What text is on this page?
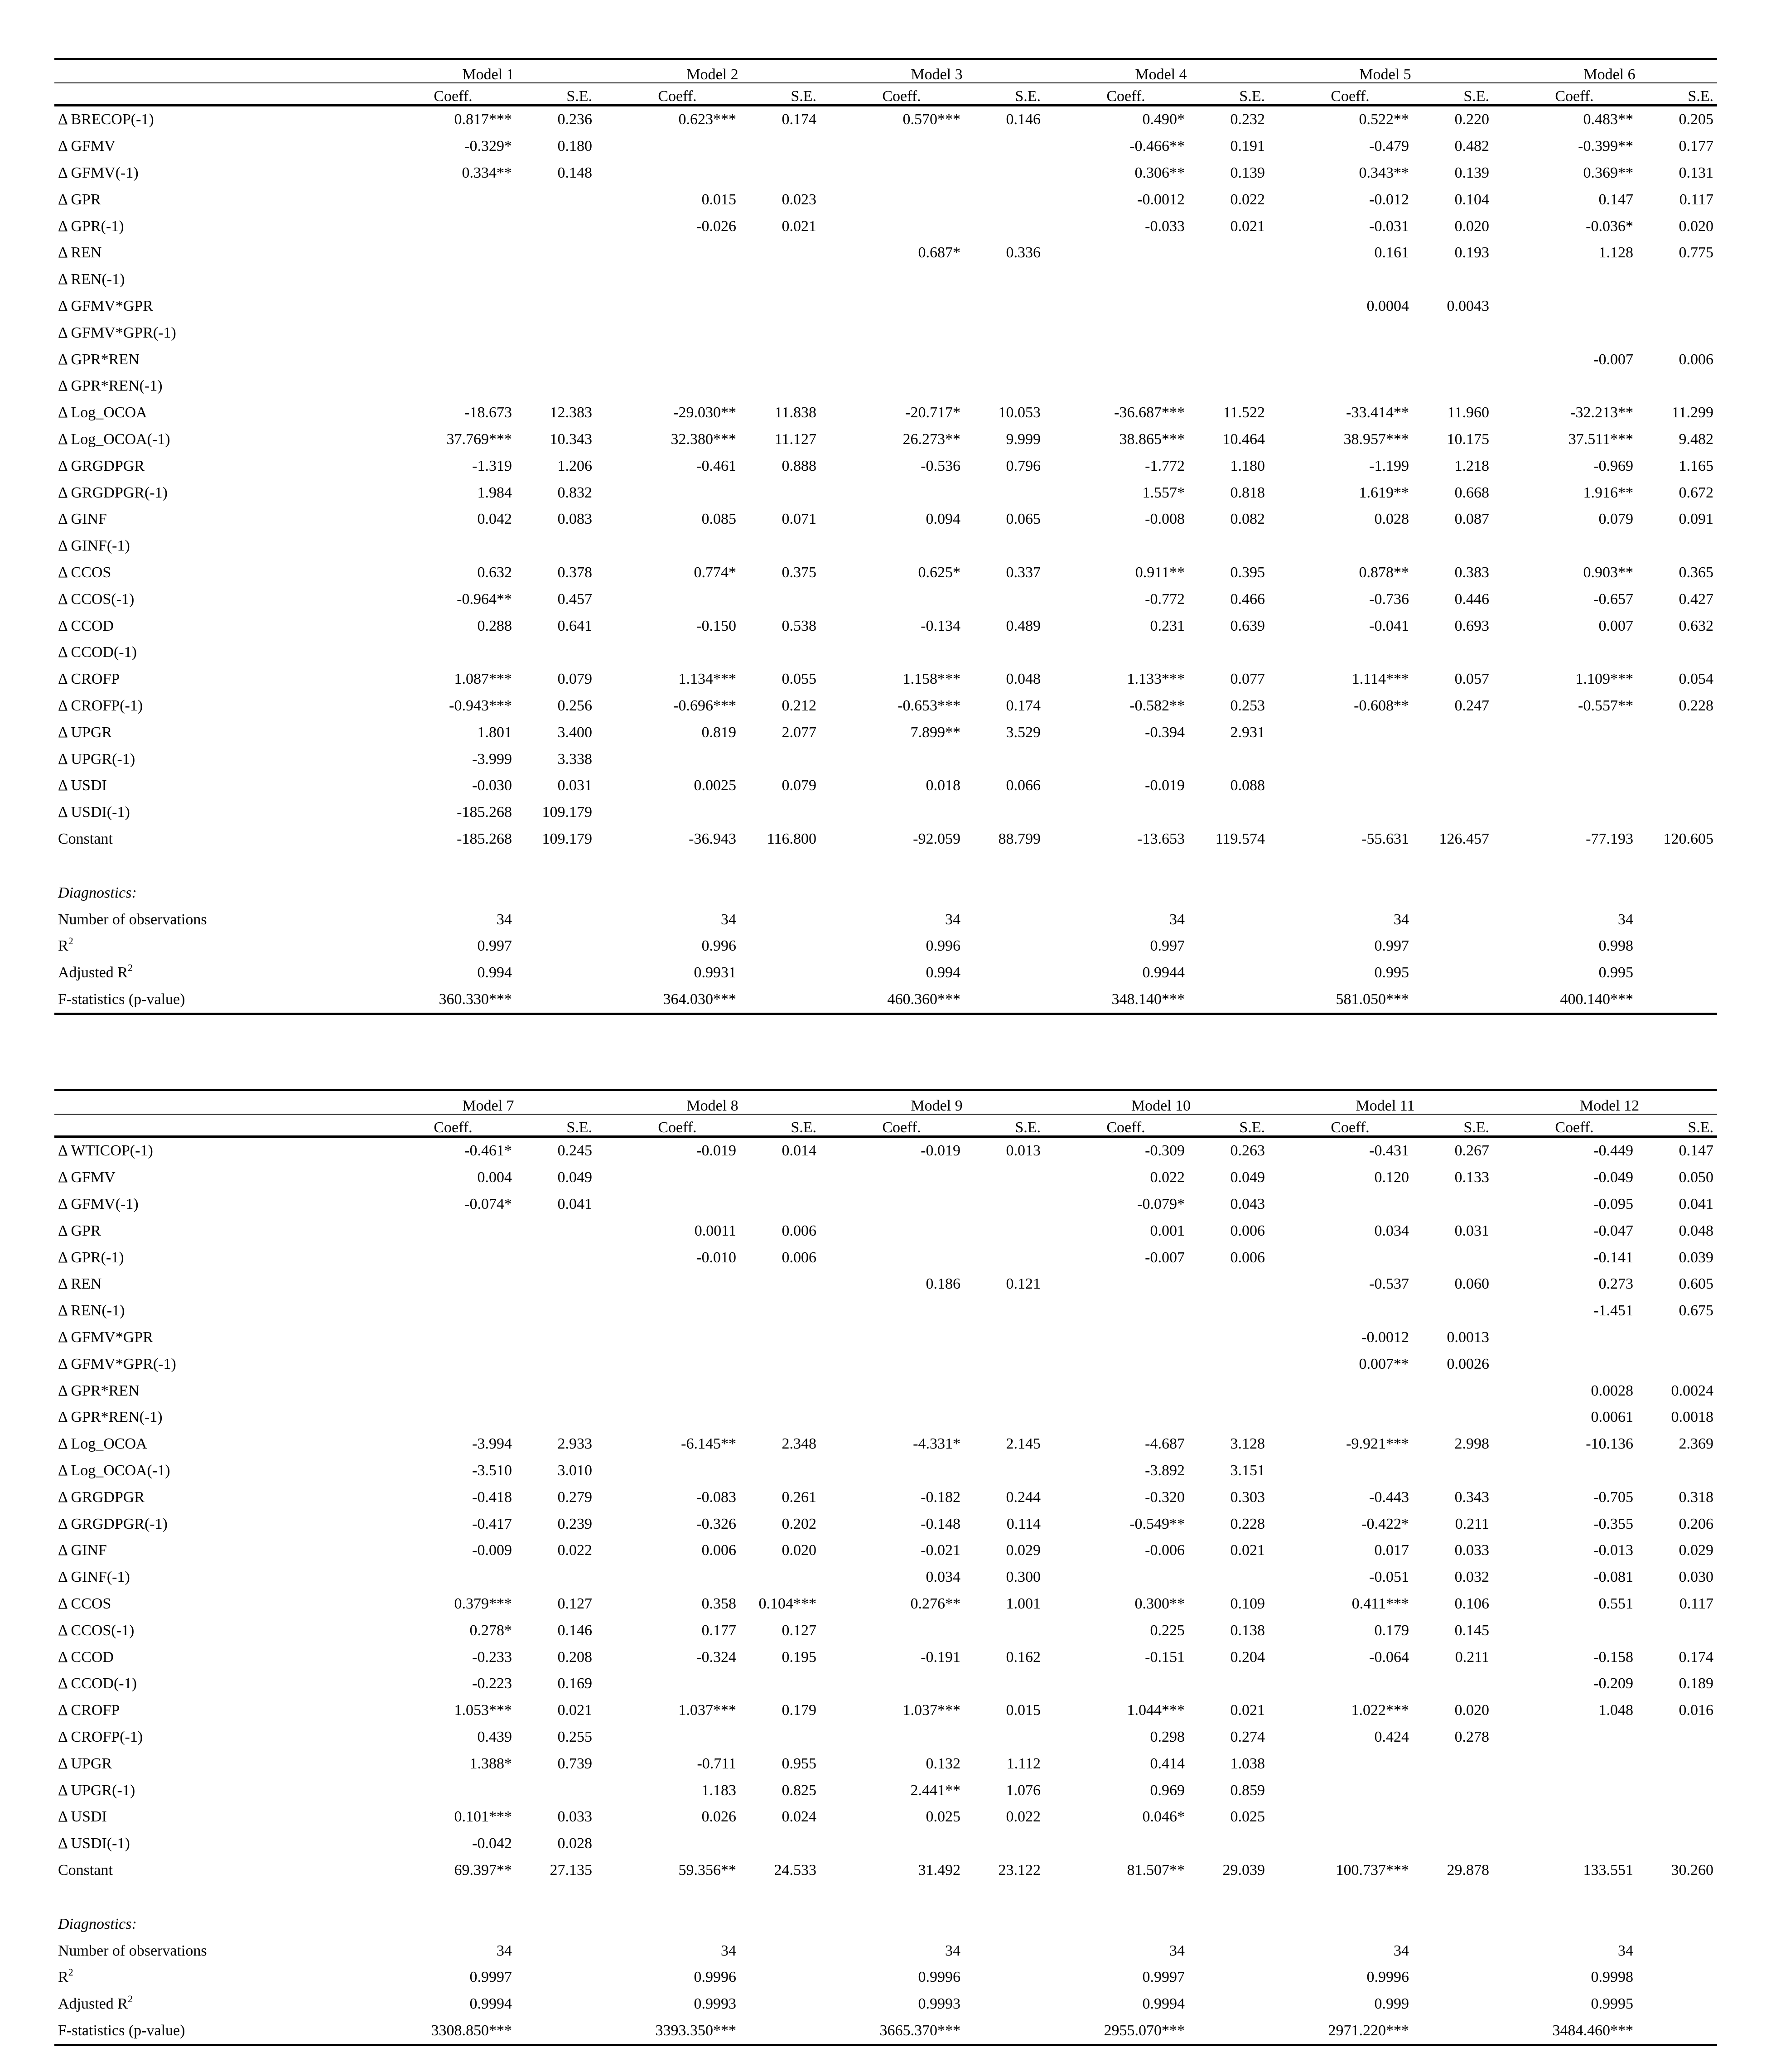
	Model 1		Model 2		Model 3		Model 4		Model 5		Model 6	
	Coeff.	S.E.	Coeff.	S.E.	Coeff.	S.E.	Coeff.	S.E.	Coeff.	S.E.	Coeff.	S.E.
Δ BRECOP(-1)	0.817***	0.236	0.623***	0.174	0.570***	0.146	0.490*	0.232	0.522**	0.220	0.483**	0.205
Δ GFMV	-0.329*	0.180					-0.466**	0.191	-0.479	0.482	-0.399**	0.177
Δ GFMV(-1)	0.334**	0.148					0.306**	0.139	0.343**	0.139	0.369**	0.131
Δ GPR			0.015	0.023			-0.0012	0.022	-0.012	0.104	0.147	0.117
Δ GPR(-1)			-0.026	0.021			-0.033	0.021	-0.031	0.020	-0.036*	0.020
Δ REN					0.687*	0.336			0.161	0.193	1.128	0.775
Δ REN(-1)												
Δ GFMV*GPR									0.0004	0.0043		
Δ GFMV*GPR(-1)												
Δ GPR*REN											-0.007	0.006
Δ GPR*REN(-1)												
Δ Log_OCOA	-18.673	12.383	-29.030**	11.838	-20.717*	10.053	-36.687***	11.522	-33.414**	11.960	-32.213**	11.299
Δ Log_OCOA(-1)	37.769***	10.343	32.380***	11.127	26.273**	9.999	38.865***	10.464	38.957***	10.175	37.511***	9.482
Δ GRGDPGR	-1.319	1.206	-0.461	0.888	-0.536	0.796	-1.772	1.180	-1.199	1.218	-0.969	1.165
Δ GRGDPGR(-1)	1.984	0.832					1.557*	0.818	1.619**	0.668	1.916**	0.672
Δ GINF	0.042	0.083	0.085	0.071	0.094	0.065	-0.008	0.082	0.028	0.087	0.079	0.091
Δ GINF(-1)												
Δ CCOS	0.632	0.378	0.774*	0.375	0.625*	0.337	0.911**	0.395	0.878**	0.383	0.903**	0.365
Δ CCOS(-1)	-0.964**	0.457					-0.772	0.466	-0.736	0.446	-0.657	0.427
Δ CCOD	0.288	0.641	-0.150	0.538	-0.134	0.489	0.231	0.639	-0.041	0.693	0.007	0.632
Δ CCOD(-1)												
Δ CROFP	1.087***	0.079	1.134***	0.055	1.158***	0.048	1.133***	0.077	1.114***	0.057	1.109***	0.054
Δ CROFP(-1)	-0.943***	0.256	-0.696***	0.212	-0.653***	0.174	-0.582**	0.253	-0.608**	0.247	-0.557**	0.228
Δ UPGR	1.801	3.400	0.819	2.077	7.899**	3.529	-0.394	2.931				
Δ UPGR(-1)	-3.999	3.338										
Δ USDI	-0.030	0.031	0.0025	0.079	0.018	0.066	-0.019	0.088				
Δ USDI(-1)	-185.268	109.179										
Constant	-185.268	109.179	-36.943	116.800	-92.059	88.799	-13.653	119.574	-55.631	126.457	-77.193	120.605

Diagnostics:												
Number of observations	34		34		34		34		34		34	
$R^2$	0.997		0.996		0.996		0.997		0.997		0.998	
Adjusted $R^2$	0.994		0.9931		0.994		0.9944		0.995		0.995	
F-statistics (p-value)	360.330***		364.030***		460.360***		348.140***		581.050***		400.140***	
	Model 7		Model 8		Model 9		Model 10		Model 11		Model 12	
	Coeff.	S.E.	Coeff.	S.E.	Coeff.	S.E.	Coeff.	S.E.	Coeff.	S.E.	Coeff.	S.E.
Δ WTICOP(-1)	-0.461*	0.245	-0.019	0.014	-0.019	0.013	-0.309	0.263	-0.431	0.267	-0.449	0.147
Δ GFMV	0.004	0.049					0.022	0.049	0.120	0.133	-0.049	0.050
Δ GFMV(-1)	-0.074*	0.041					-0.079*	0.043			-0.095	0.041
Δ GPR			0.0011	0.006			0.001	0.006	0.034	0.031	-0.047	0.048
Δ GPR(-1)			-0.010	0.006			-0.007	0.006			-0.141	0.039
Δ REN					0.186	0.121			-0.537	0.060	0.273	0.605
Δ REN(-1)											-1.451	0.675
Δ GFMV*GPR									-0.0012	0.0013		
Δ GFMV*GPR(-1)									0.007**	0.0026		
Δ GPR*REN											0.0028	0.0024
Δ GPR*REN(-1)											0.0061	0.0018
Δ Log_OCOA	-3.994	2.933	-6.145**	2.348	-4.331*	2.145	-4.687	3.128	-9.921***	2.998	-10.136	2.369
Δ Log_OCOA(-1)	-3.510	3.010					-3.892	3.151				
Δ GRGDPGR	-0.418	0.279	-0.083	0.261	-0.182	0.244	-0.320	0.303	-0.443	0.343	-0.705	0.318
Δ GRGDPGR(-1)	-0.417	0.239	-0.326	0.202	-0.148	0.114	-0.549**	0.228	-0.422*	0.211	-0.355	0.206
Δ GINF	-0.009	0.022	0.006	0.020	-0.021	0.029	-0.006	0.021	0.017	0.033	-0.013	0.029
Δ GINF(-1)					0.034	0.300			-0.051	0.032	-0.081	0.030
Δ CCOS	0.379***	0.127	0.358	0.104***	0.276**	1.001	0.300**	0.109	0.411***	0.106	0.551	0.117
Δ CCOS(-1)	0.278*	0.146	0.177	0.127			0.225	0.138	0.179	0.145		
Δ CCOD	-0.233	0.208	-0.324	0.195	-0.191	0.162	-0.151	0.204	-0.064	0.211	-0.158	0.174
Δ CCOD(-1)	-0.223	0.169									-0.209	0.189
Δ CROFP	1.053***	0.021	1.037***	0.179	1.037***	0.015	1.044***	0.021	1.022***	0.020	1.048	0.016
Δ CROFP(-1)	0.439	0.255					0.298	0.274	0.424	0.278		
Δ UPGR	1.388*	0.739	-0.711	0.955	0.132	1.112	0.414	1.038				
Δ UPGR(-1)			1.183	0.825	2.441**	1.076	0.969	0.859				
Δ USDI	0.101***	0.033	0.026	0.024	0.025	0.022	0.046*	0.025				
Δ USDI(-1)	-0.042	0.028										
Constant	69.397**	27.135	59.356**	24.533	31.492	23.122	81.507**	29.039	100.737***	29.878	133.551	30.260

Diagnostics:												
Number of observations	34		34		34		34		34		34	
$R^2$	0.9997		0.9996		0.9996		0.9997		0.9996		0.9998	
Adjusted $R^2$	0.9994		0.9993		0.9993		0.9994		0.999		0.9995	
F-statistics (p-value)	3308.850***		3393.350***		3665.370***		2955.070***		2971.220***		3484.460***	
